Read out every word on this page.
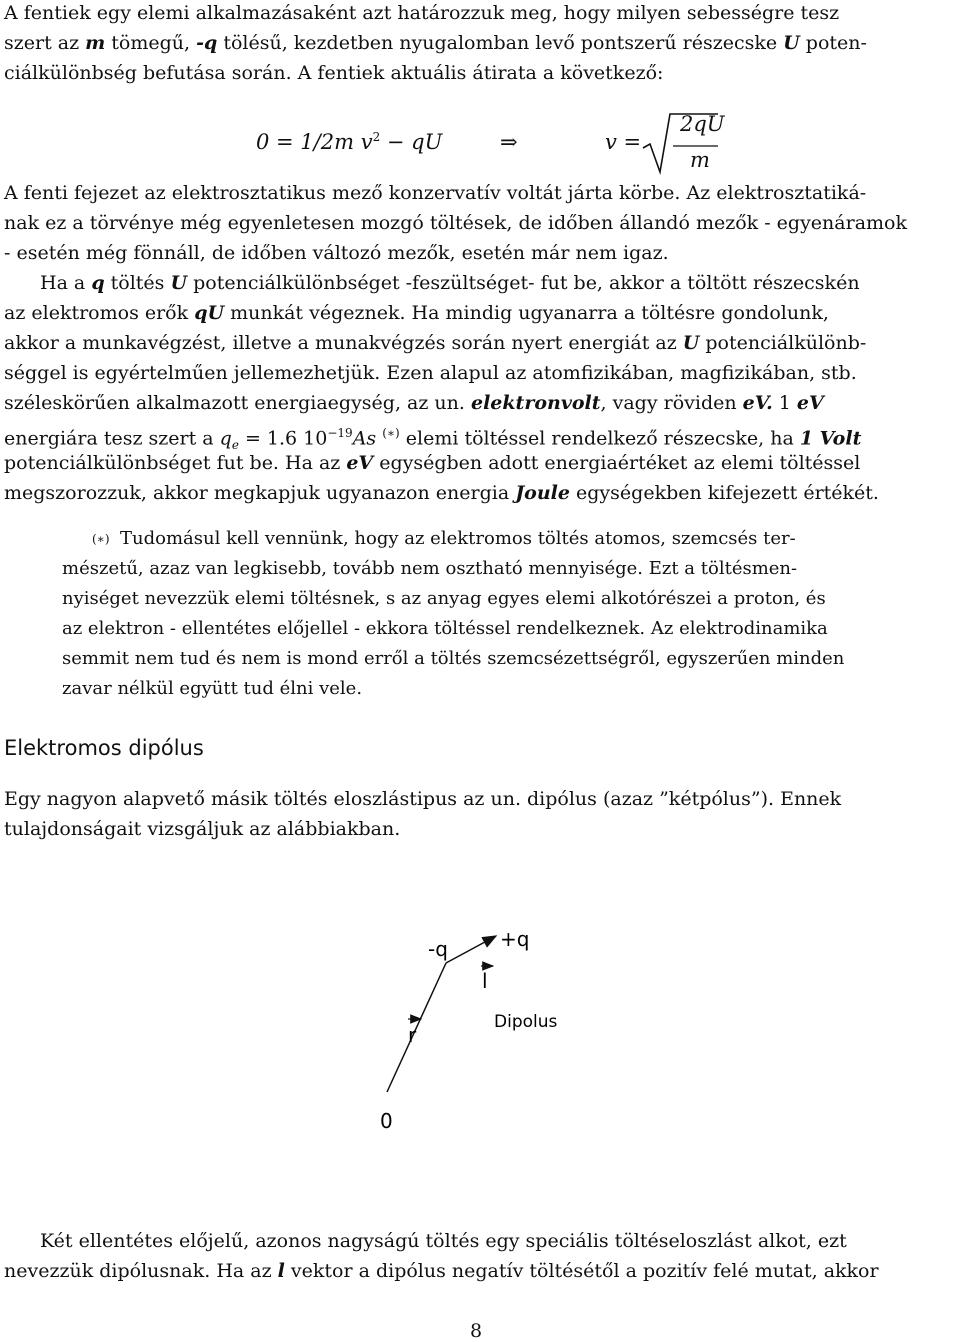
A fentiek egy elemi alkalmazásaként azt határozzuk meg, hogy milyen sebességre tesz
szert az m tömegű, -q tölésű, kezdetben nyugalomban levő pontszerű részecske U poten-
ciálkülönbség befutása során. A fentiek aktuális átirata a következő:
0 = 1/2m $v^2$ − qU	⇒	v =
2qU
m
A fenti fejezet az elektrosztatikus mező konzervatív voltát járta körbe. Az elektrosztatiká-
nak ez a törvénye még egyenletesen mozgó töltések, de időben állandó mezők - egyenáramok
- esetén még fönnáll, de időben változó mezők, esetén már nem igaz.
Ha a q töltés U potenciálkülönbséget -feszültséget- fut be, akkor a töltött részecskén
az elektromos erők qU munkát végeznek. Ha mindig ugyanarra a töltésre gondolunk,
akkor a munkavégzést, illetve a munakvégzés során nyert energiát az U potenciálkülönb-
séggel is egyértelműen jellemezhetjük. Ezen alapul az atomfizikában, magfizikában, stb.
széleskörűen alkalmazott energiaegység, az un. elektronvolt, vagy röviden eV. 1 eV
energiára tesz szert a $q_e = 1.6$ $10^{-19}As$ (∗) elemi töltéssel rendelkező részecske, ha 1 Volt
potenciálkülönbséget fut be. Ha az eV egységben adott energiaértéket az elemi töltéssel
megszorozzuk, akkor megkapjuk ugyanazon energia Joule egységekben kifejezett értékét.
(∗) Tudomásul kell vennünk, hogy az elektromos töltés atomos, szemcsés ter-
mészetű, azaz van legkisebb, tovább nem osztható mennyisége. Ezt a töltésmen-
nyiséget nevezzük elemi töltésnek, s az anyag egyes elemi alkotórészei a proton, és
az elektron - ellentétes előjellel - ekkora töltéssel rendelkeznek. Az elektrodinamika
semmit nem tud és nem is mond erről a töltés szemcsézettségről, egyszerűen minden
zavar nélkül együtt tud élni vele.
Elektromos dipólus
Egy nagyon alapvető másik töltés eloszlástipus az un. dipólus (azaz ”kétpólus”). Ennek
tulajdonságait vizsgáljuk az alábbiakban.
-q	+q
l
r
0
Dipolus
Két ellentétes előjelű, azonos nagyságú töltés egy speciális töltéseloszlást alkot, ezt
nevezzük dipólusnak. Ha az l vektor a dipólus negatív töltésétől a pozitív felé mutat, akkor
8
